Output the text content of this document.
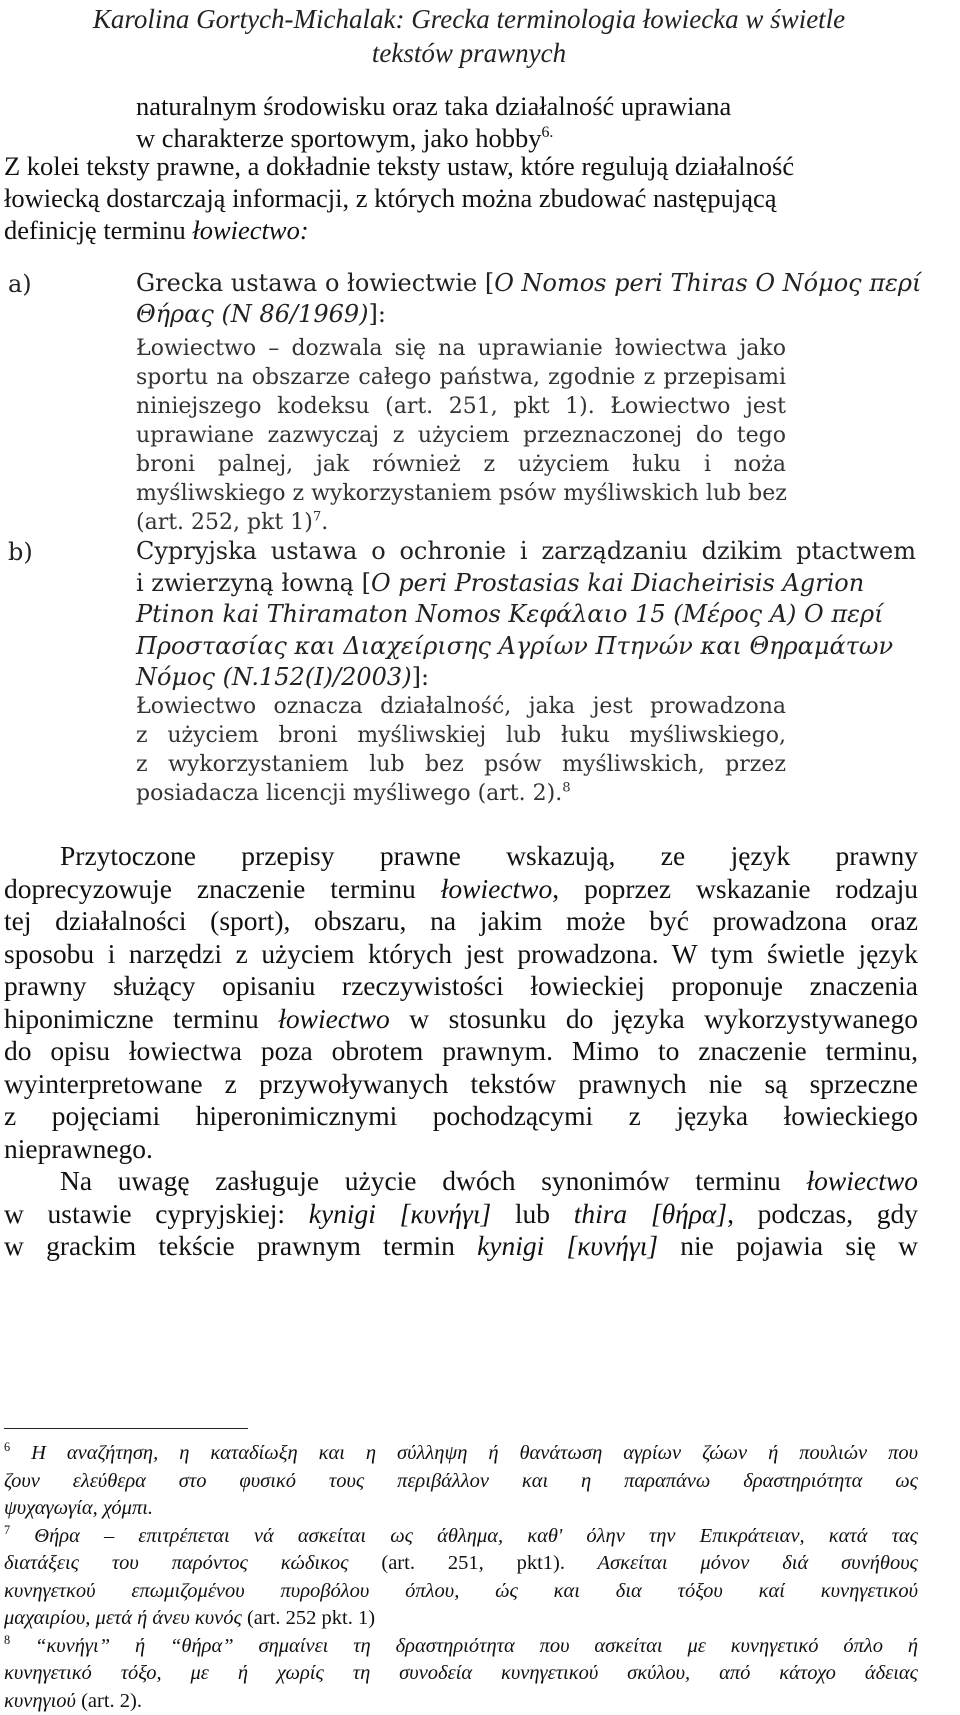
Karolina Gortych-Michalak: Grecka terminologia łowiecka w świetle
tekstów prawnych
naturalnym środowisku oraz taka działalność uprawiana
w charakterze sportowym, jako hobby$^{6.}$
Z kolei teksty prawne, a dokładnie teksty ustaw, które regulują działalność
łowiecką dostarczają informacji, z których można zbudować następującą
definicję terminu łowiectwo:
a)	Grecka ustawa o łowiectwie [O Nomos peri Thiras Ο Νόμος περί
Θήρας (N 86/1969)]:
Łowiectwo – dozwala się na uprawianie łowiectwa jako
sportu na obszarze całego państwa, zgodnie z przepisami
niniejszego kodeksu (art. 251, pkt 1). Łowiectwo jest
uprawiane zazwyczaj z użyciem przeznaczonej do tego
broni palnej, jak również z użyciem łuku i noża
myśliwskiego z wykorzystaniem psów myśliwskich lub bez
(art. 252, pkt 1)$^7$.
b)	Cypryjska ustawa o ochronie i zarządzaniu dzikim ptactwem
i zwierzyną łowną [O peri Prostasias kai Diacheirisis Agrion
Ptinon kai Thiramaton Nomos Κεφάλαιο 15 (Μέρος Α) Ο περί
Προστασίας και Διαχείρισης Αγρίων Πτηνών και Θηραμάτων
Νόμος (N.152(I)/2003)]:
Łowiectwo oznacza działalność, jaka jest prowadzona
z użyciem broni myśliwskiej lub łuku myśliwskiego,
z wykorzystaniem lub bez psów myśliwskich, przez
posiadacza licencji myśliwego (art. 2).$^8$
Przytoczone przepisy prawne wskazują, ze język prawny
doprecyzowuje znaczenie terminu łowiectwo, poprzez wskazanie rodzaju
tej działalności (sport), obszaru, na jakim może być prowadzona oraz
sposobu i narzędzi z użyciem których jest prowadzona. W tym świetle język
prawny służący opisaniu rzeczywistości łowieckiej proponuje znaczenia
hiponimiczne terminu łowiectwo w stosunku do języka wykorzystywanego
do opisu łowiectwa poza obrotem prawnym. Mimo to znaczenie terminu,
wyinterpretowane z przywoływanych tekstów prawnych nie są sprzeczne
z pojęciami hiperonimicznymi pochodzącymi z języka łowieckiego
nieprawnego.
Na uwagę zasługuje użycie dwóch synonimów terminu łowiectwo
w ustawie cypryjskiej: kynigi [κυνήγι] lub thira [θήρα], podczas, gdy
w grackim tekście prawnym termin kynigi [κυνήγι] nie pojawia się w
$^6$ Η αναζήτηση, η καταδίωξη και η σύλληψη ή θανάτωση αγρίων ζώων ή πουλιών που
ζουν ελεύθερα στο φυσικό τους περιβάλλον και η παραπάνω δραστηριότητα ως
ψυχαγωγία, χόμπι.
$^7$ Θήρα – επιτρέπεται νά ασκείται ως άθλημα, καθ' όλην την Επικράτειαν, κατά τας
διατάξεις του παρόντος κώδικος (art. 251, pkt1). Ασκείται μόνον διά συνήθους
κυνηγετκού επωμιζομένου πυροβόλου όπλου, ώς και δια τόξου καί κυνηγετικού
μαχαιρίου, μετά ή άνευ κυνός (art. 252 pkt. 1)
$^8$ “κυνήγι” ή “θήρα” σημαίνει τη δραστηριότητα που ασκείται με κυνηγετικό όπλο ή
κυνηγετικό τόξο, με ή χωρίς τη συνοδεία κυνηγετικού σκύλου, από κάτοχο άδειας
κυνηγιού (art. 2).
